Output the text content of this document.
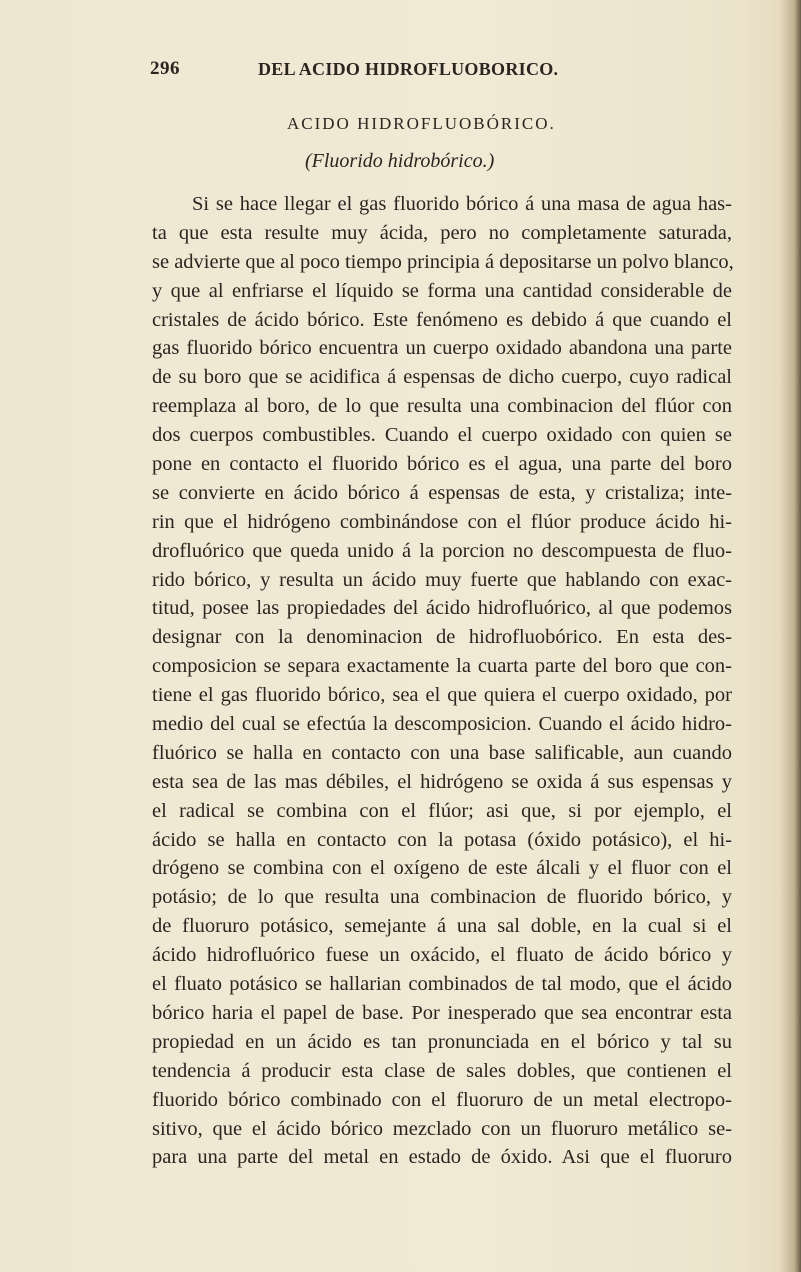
296	DEL ACIDO HIDROFLUOBORICO.
ACIDO HIDROFLUOBÓRICO.
(Fluorido hidrobórico.)
Si se hace llegar el gas fluorido bórico á una masa de agua has-
ta que esta resulte muy ácida, pero no completamente saturada,
se advierte que al poco tiempo principia á depositarse un polvo blanco,
y que al enfriarse el líquido se forma una cantidad considerable de
cristales de ácido bórico. Este fenómeno es debido á que cuando el
gas fluorido bórico encuentra un cuerpo oxidado abandona una parte
de su boro que se acidifica á espensas de dicho cuerpo, cuyo radical
reemplaza al boro, de lo que resulta una combinacion del flúor con
dos cuerpos combustibles. Cuando el cuerpo oxidado con quien se
pone en contacto el fluorido bórico es el agua, una parte del boro
se convierte en ácido bórico á espensas de esta, y cristaliza; inte-
rin que el hidrógeno combinándose con el flúor produce ácido hi-
drofluórico que queda unido á la porcion no descompuesta de fluo-
rido bórico, y resulta un ácido muy fuerte que hablando con exac-
titud, posee las propiedades del ácido hidrofluórico, al que podemos
designar con la denominacion de hidrofluobórico. En esta des-
composicion se separa exactamente la cuarta parte del boro que con-
tiene el gas fluorido bórico, sea el que quiera el cuerpo oxidado, por
medio del cual se efectúa la descomposicion. Cuando el ácido hidro-
fluórico se halla en contacto con una base salificable, aun cuando
esta sea de las mas débiles, el hidrógeno se oxida á sus espensas y
el radical se combina con el flúor; asi que, si por ejemplo, el
ácido se halla en contacto con la potasa (óxido potásico), el hi-
drógeno se combina con el oxígeno de este álcali y el fluor con el
potásio; de lo que resulta una combinacion de fluorido bórico, y
de fluoruro potásico, semejante á una sal doble, en la cual si el
ácido hidrofluórico fuese un oxácido, el fluato de ácido bórico y
el fluato potásico se hallarian combinados de tal modo, que el ácido
bórico haria el papel de base. Por inesperado que sea encontrar esta
propiedad en un ácido es tan pronunciada en el bórico y tal su
tendencia á producir esta clase de sales dobles, que contienen el
fluorido bórico combinado con el fluoruro de un metal electropo-
sitivo, que el ácido bórico mezclado con un fluoruro metálico se-
para una parte del metal en estado de óxido. Asi que el fluoruro
